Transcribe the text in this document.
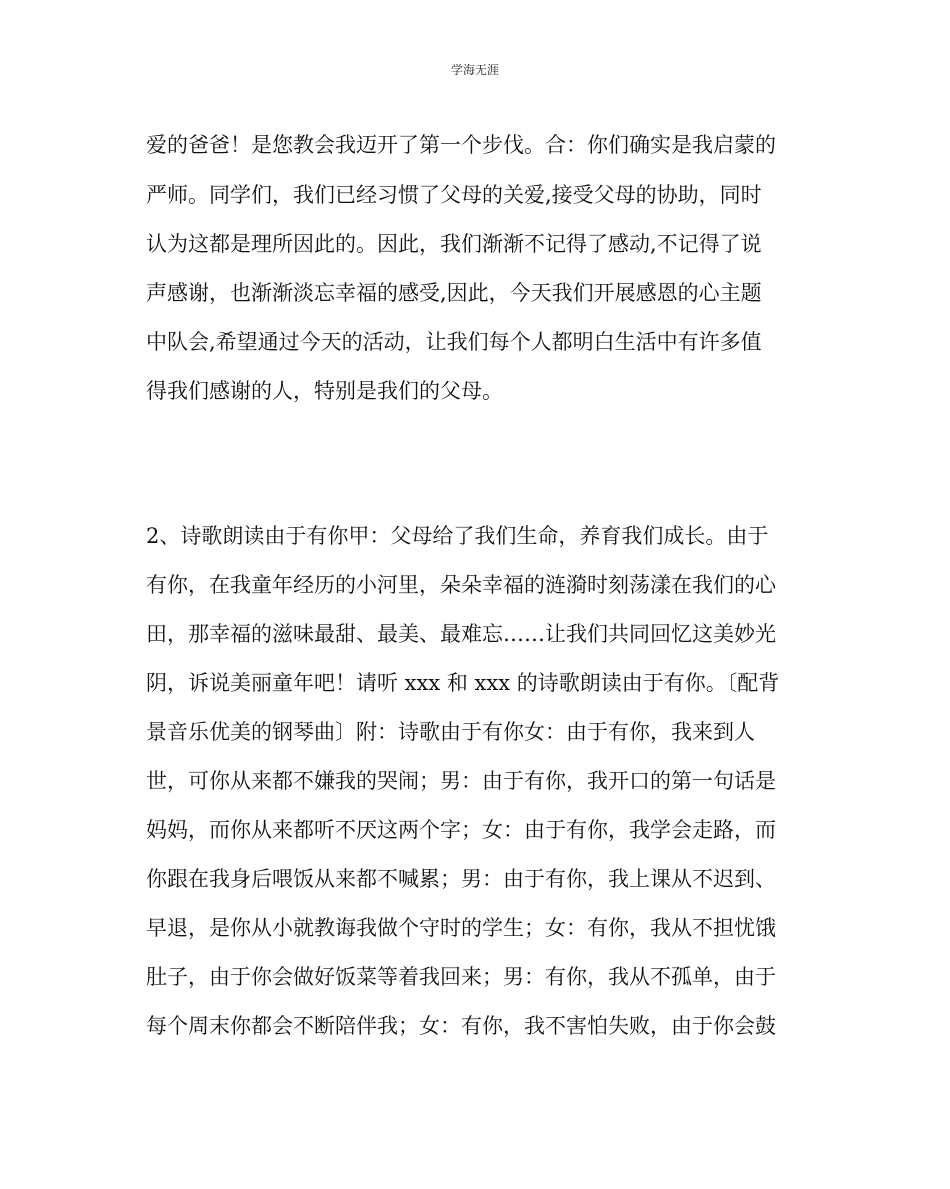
学海无涯
爱的爸爸！是您教会我迈开了第一个步伐。合：你们确实是我启蒙的
严师。同学们，我们已经习惯了父母的关爱,接受父母的协助，同时
认为这都是理所因此的。因此，我们渐渐不记得了感动,不记得了说
声感谢，也渐渐淡忘幸福的感受,因此，今天我们开展感恩的心主题
中队会,希望通过今天的活动，让我们每个人都明白生活中有许多值
得我们感谢的人，特别是我们的父母。
2、诗歌朗读由于有你甲：父母给了我们生命，养育我们成长。由于
有你，在我童年经历的小河里，朵朵幸福的涟漪时刻荡漾在我们的心
田，那幸福的滋味最甜、最美、最难忘……让我们共同回忆这美妙光
阴，诉说美丽童年吧！请听 xxx 和 xxx 的诗歌朗读由于有你。〔配背
景音乐优美的钢琴曲〕附：诗歌由于有你女：由于有你，我来到人
世，可你从来都不嫌我的哭闹；男：由于有你，我开口的第一句话是
妈妈，而你从来都听不厌这两个字；女：由于有你，我学会走路，而
你跟在我身后喂饭从来都不喊累；男：由于有你，我上课从不迟到、
早退，是你从小就教诲我做个守时的学生；女：有你，我从不担忧饿
肚子，由于你会做好饭菜等着我回来；男：有你，我从不孤单，由于
每个周末你都会不断陪伴我；女：有你，我不害怕失败，由于你会鼓
